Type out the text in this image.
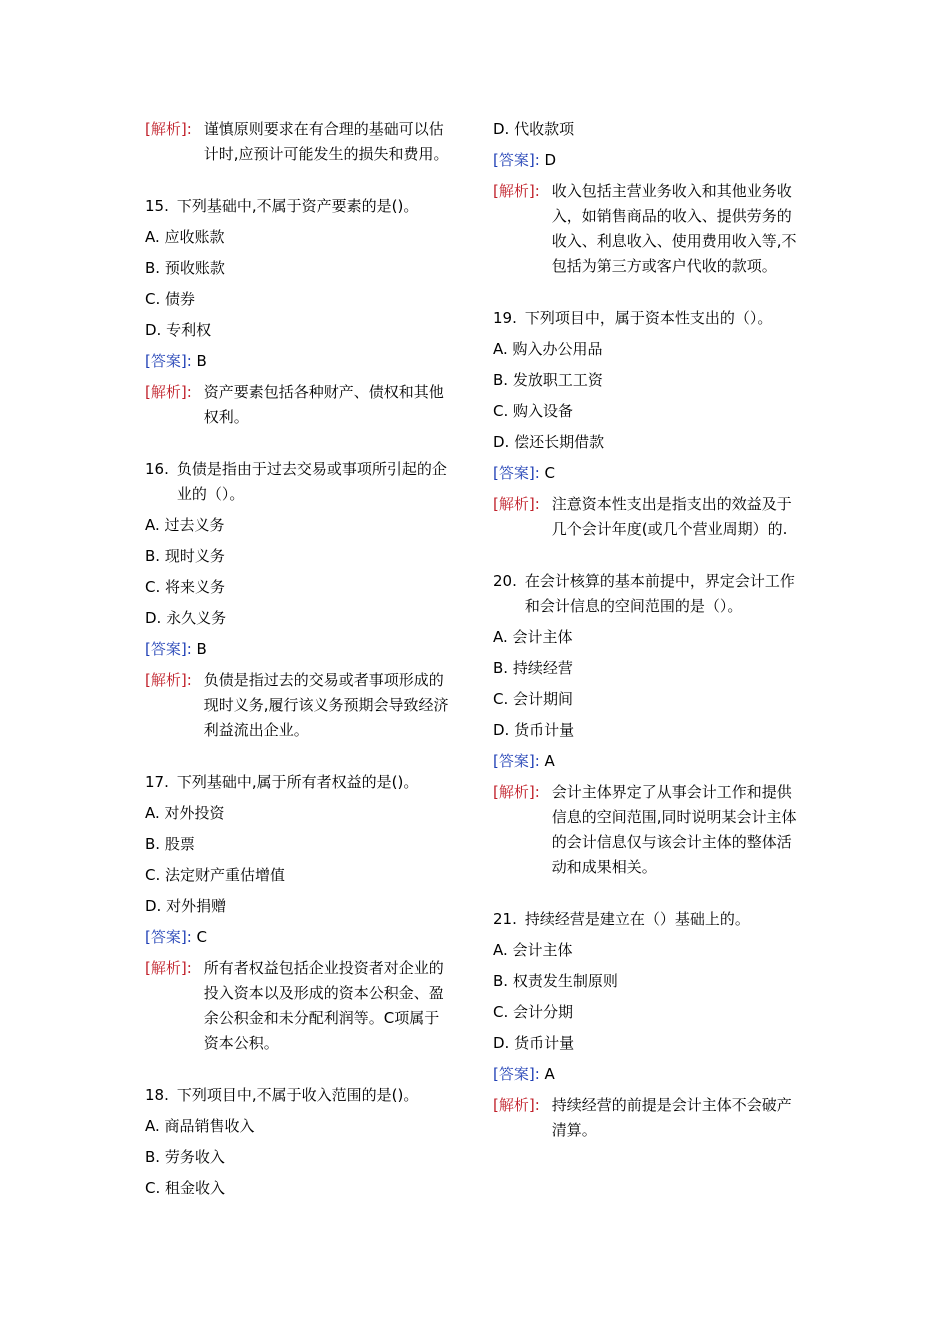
[解析]: 谨慎原则要求在有合理的基础可以估计时,应预计可能发生的损失和费用。
15. 下列基础中,不属于资产要素的是()。
A. 应收账款
B. 预收账款
C. 债券
D. 专利权
[答案]: B
[解析]: 资产要素包括各种财产、债权和其他权利。
16. 负债是指由于过去交易或事项所引起的企业的（）。
A. 过去义务
B. 现时义务
C. 将来义务
D. 永久义务
[答案]: B
[解析]: 负债是指过去的交易或者事项形成的现时义务,履行该义务预期会导致经济利益流出企业。
17. 下列基础中,属于所有者权益的是()。
A. 对外投资
B. 股票
C. 法定财产重估增值
D. 对外捐赠
[答案]: C
[解析]: 所有者权益包括企业投资者对企业的投入资本以及形成的资本公积金、盈余公积金和未分配利润等。C项属于资本公积。
18. 下列项目中,不属于收入范围的是()。
A. 商品销售收入
B. 劳务收入
C. 租金收入
D. 代收款项
[答案]: D
[解析]: 收入包括主营业务收入和其他业务收入，如销售商品的收入、提供劳务的收入、利息收入、使用费用收入等,不包括为第三方或客户代收的款项。
19. 下列项目中，属于资本性支出的（）。
A. 购入办公用品
B. 发放职工工资
C. 购入设备
D. 偿还长期借款
[答案]: C
[解析]: 注意资本性支出是指支出的效益及于几个会计年度(或几个营业周期）的.
20. 在会计核算的基本前提中，界定会计工作和会计信息的空间范围的是（）。
A. 会计主体
B. 持续经营
C. 会计期间
D. 货币计量
[答案]: A
[解析]: 会计主体界定了从事会计工作和提供信息的空间范围,同时说明某会计主体的会计信息仅与该会计主体的整体活动和成果相关。
21. 持续经营是建立在（）基础上的。
A. 会计主体
B. 权责发生制原则
C. 会计分期
D. 货币计量
[答案]: A
[解析]: 持续经营的前提是会计主体不会破产清算。
